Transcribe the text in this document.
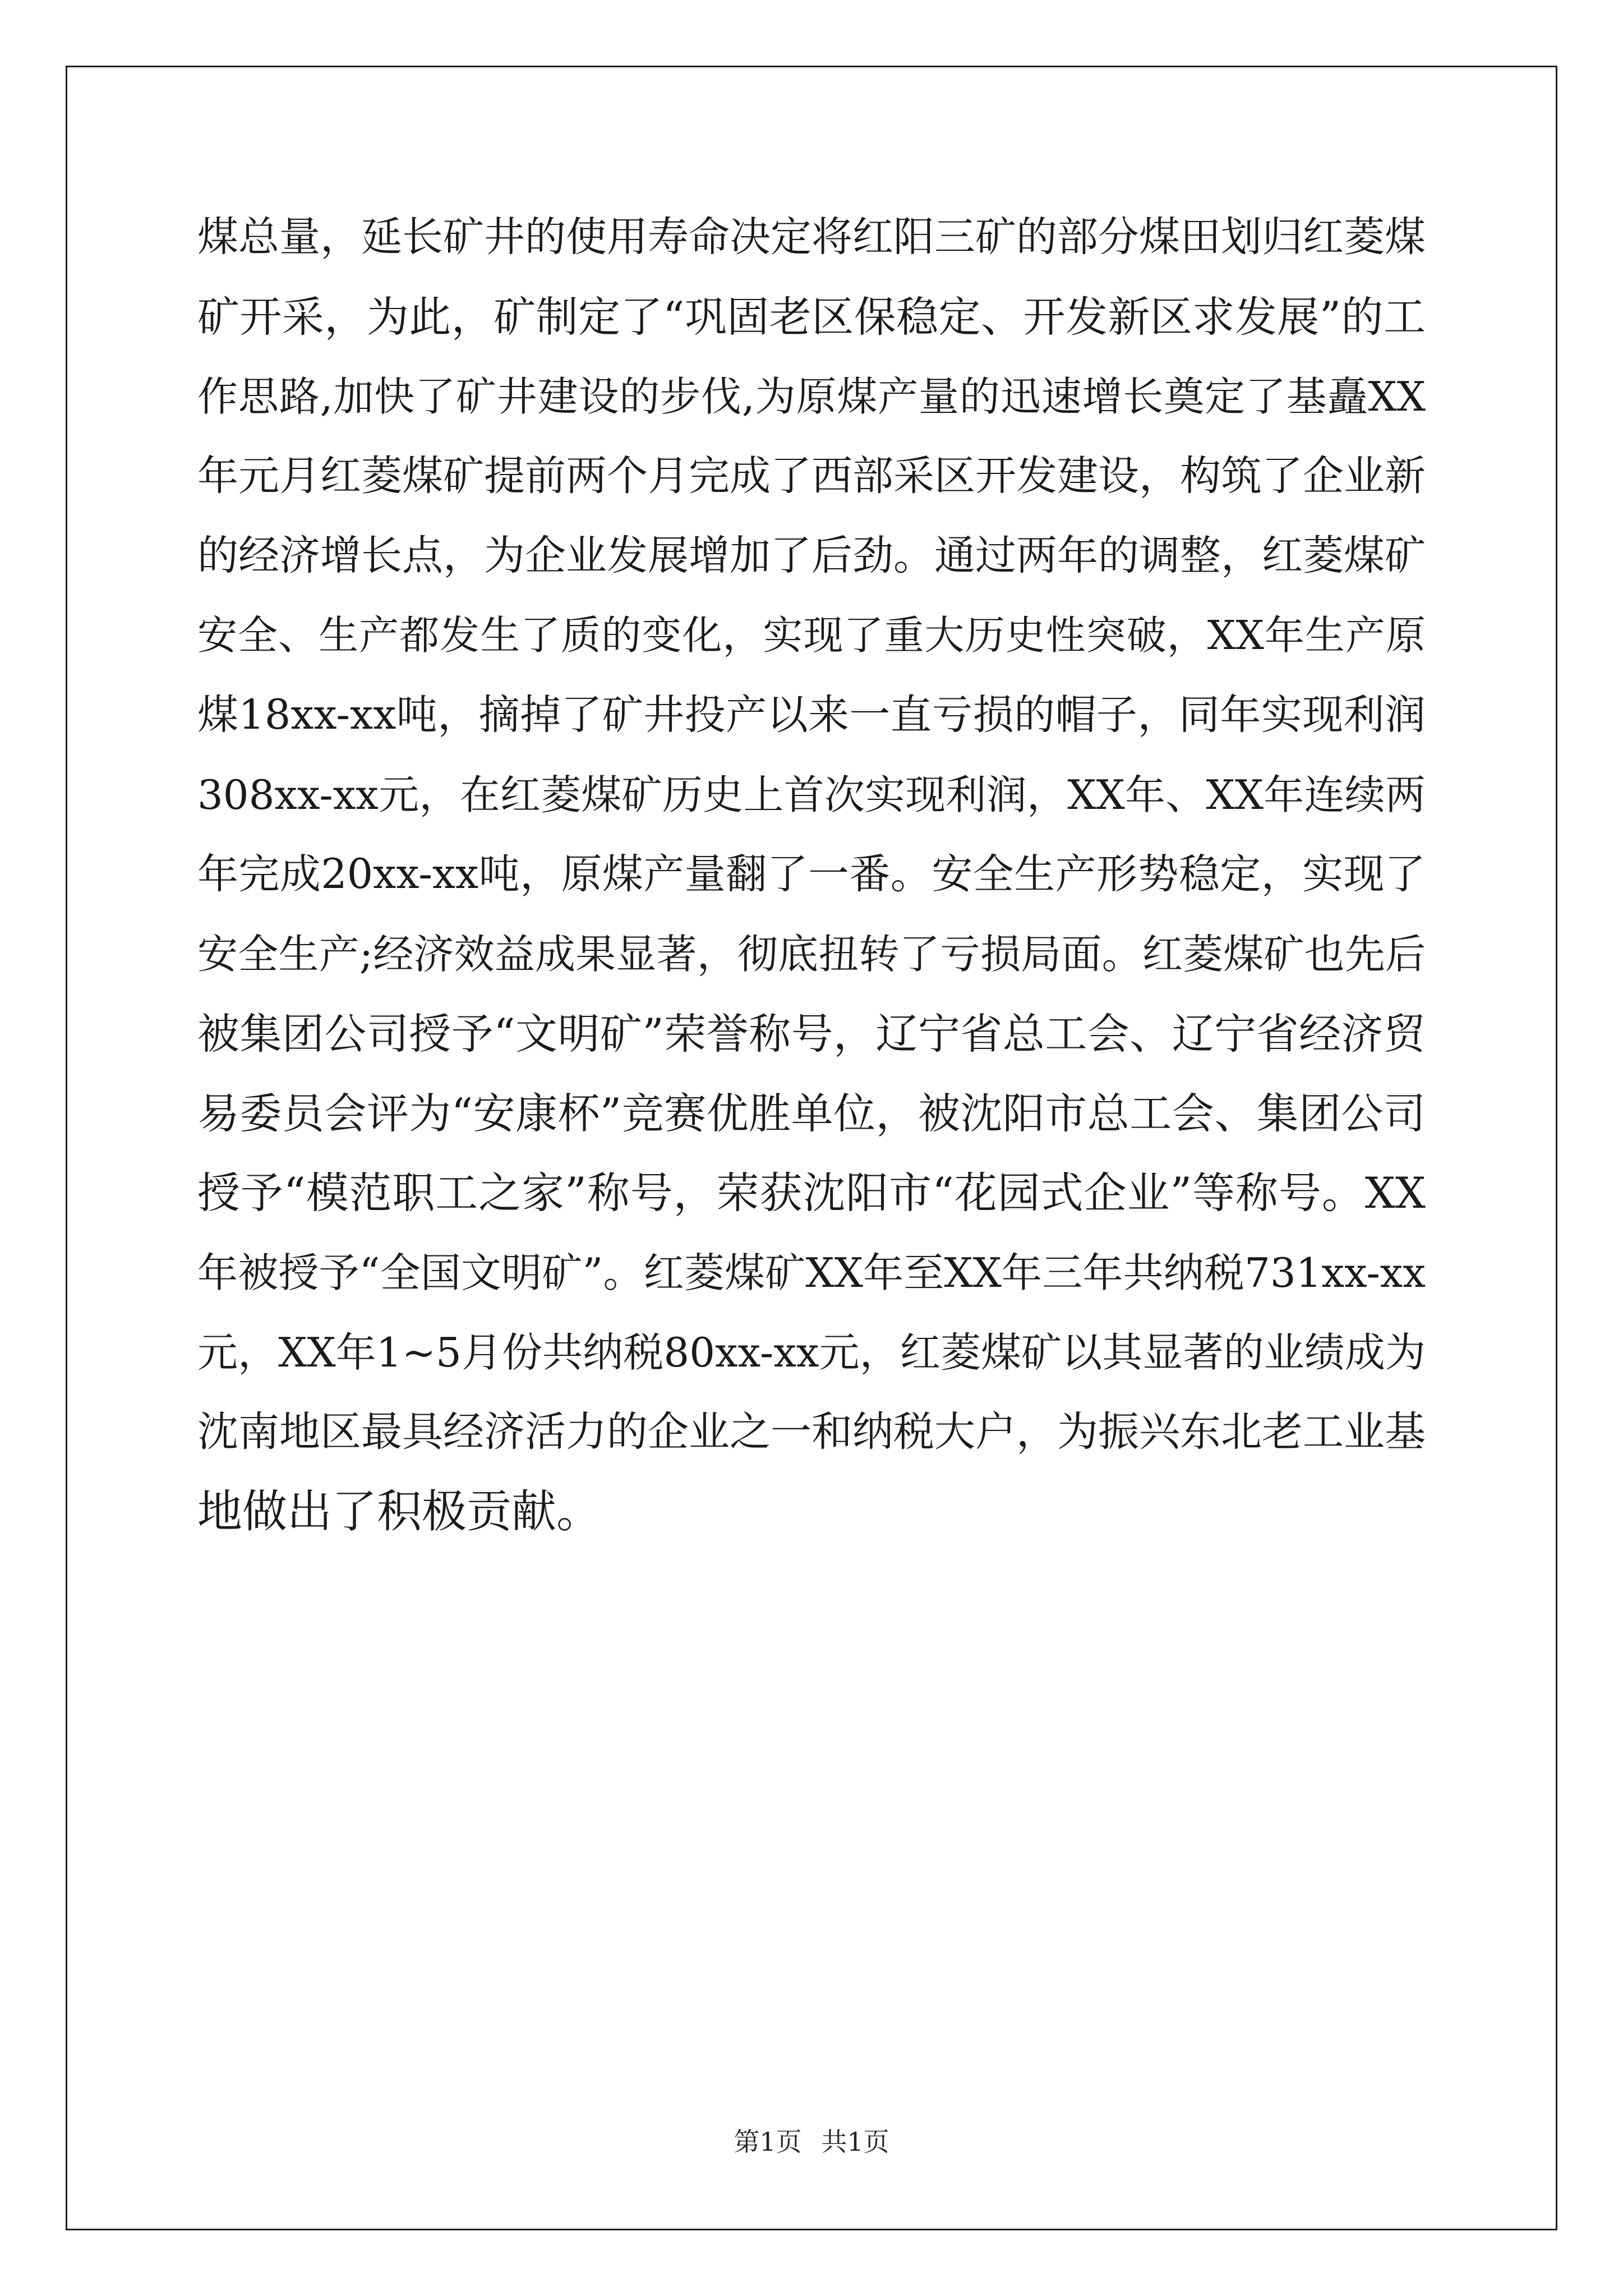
煤总量，延长矿井的使用寿命决定将红阳三矿的部分煤田划归红菱煤
矿开采，为此，矿制定了“巩固老区保稳定、开发新区求发展”的工
作思路,加快了矿井建设的步伐,为原煤产量的迅速增长奠定了基矗XX
年元月红菱煤矿提前两个月完成了西部采区开发建设，构筑了企业新
的经济增长点，为企业发展增加了后劲。通过两年的调整，红菱煤矿
安全、生产都发生了质的变化，实现了重大历史性突破，XX年生产原
煤18xx-xx吨，摘掉了矿井投产以来一直亏损的帽子，同年实现利润
308xx-xx元，在红菱煤矿历史上首次实现利润，XX年、XX年连续两
年完成20xx-xx吨，原煤产量翻了一番。安全生产形势稳定，实现了
安全生产;经济效益成果显著，彻底扭转了亏损局面。红菱煤矿也先后
被集团公司授予“文明矿”荣誉称号，辽宁省总工会、辽宁省经济贸
易委员会评为“安康杯”竞赛优胜单位，被沈阳市总工会、集团公司
授予“模范职工之家”称号，荣获沈阳市“花园式企业”等称号。XX
年被授予“全国文明矿”。红菱煤矿XX年至XX年三年共纳税731xx-xx
元，XX年1~5月份共纳税80xx-xx元，红菱煤矿以其显著的业绩成为
沈南地区最具经济活力的企业之一和纳税大户，为振兴东北老工业基
地做出了积极贡献。
第1页 共1页
